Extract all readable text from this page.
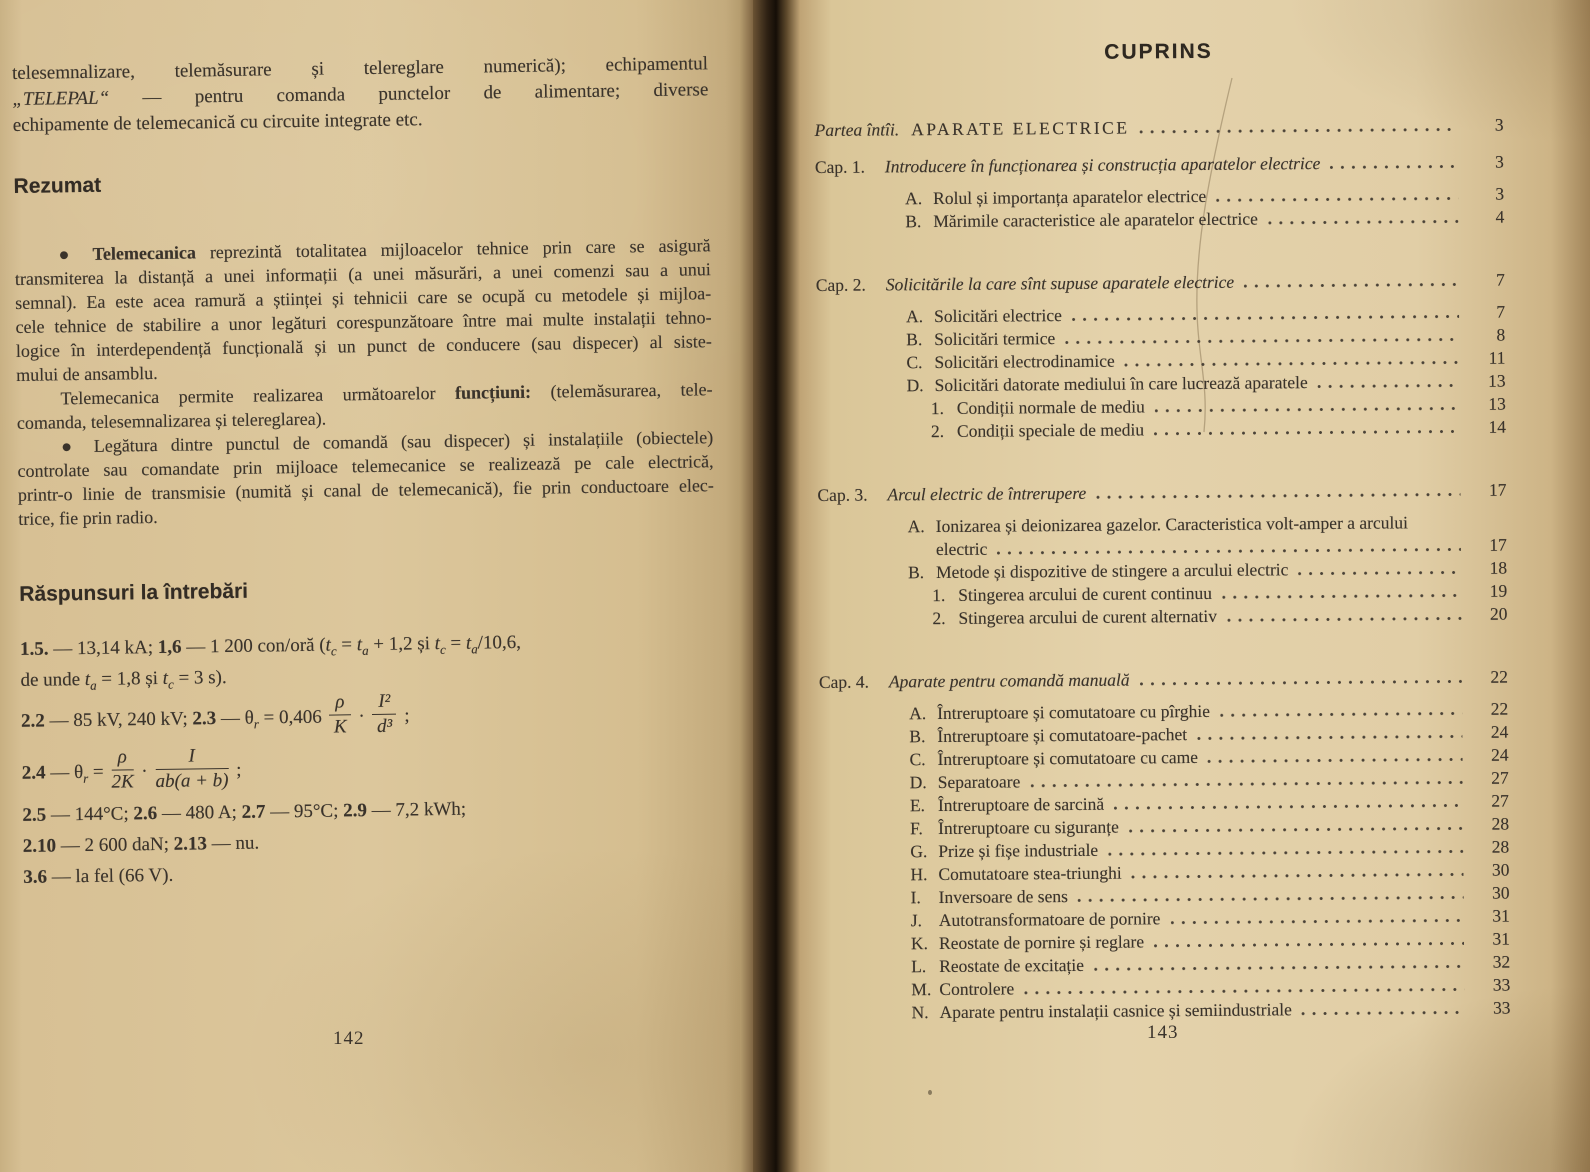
telesemnalizare, telemăsurare și telereglare numerică); echipamentul
„TELEPAL“ — pentru comanda punctelor de alimentare; diverse
echipamente de telemecanică cu circuite integrate etc.
Rezumat
● Telemecanica reprezintă totalitatea mijloacelor tehnice prin care se asigură
transmiterea la distanță a unei informații (a unei măsurări, a unei comenzi sau a unui
semnal). Ea este acea ramură a științei și tehnicii care se ocupă cu metodele și mijloa-
cele tehnice de stabilire a unor legături corespunzătoare între mai multe instalații tehno-
logice în interdependență funcțională și un punct de conducere (sau dispecer) al siste-
mului de ansamblu.
Telemecanica permite realizarea următoarelor funcțiuni: (telemăsurarea, tele-
comanda, telesemnalizarea și telereglarea).
● Legătura dintre punctul de comandă (sau dispecer) și instalațiile (obiectele)
controlate sau comandate prin mijloace telemecanice se realizează pe cale electrică,
printr-o linie de transmisie (numită și canal de telemecanică), fie prin conductoare elec-
trice, fie prin radio.
Răspunsuri la întrebări
1.5. — 13,14 kA; 1,6 — 1 200 con/oră ($t_c = t_a + 1,2$ și $t_c = t_a/10,6$,
de unde $t_a = 1,8$ și $t_c = 3$ s).
2.2 — 85 kV, 240 kV; 2.3 — $\theta_r = 0,406 \frac{\rho}{K} \cdot \frac{\text{I²}}{\text{d³}}$ ;
2.4 — $\theta_r = \frac{\rho}{2K} \cdot \frac{I}{ab(a + b)}$ ;
2.5 — 144°C; 2.6 — 480 A; 2.7 — 95°C; 2.9 — 7,2 kWh;
2.10 — 2 600 daN; 2.13 — nu.
3.6 — la fel (66 V).
142
CUPRINS
Partea întîi. APARATE ELECTRICE	3
Cap. 1.	Introducere în funcționarea și construcția aparatelor electrice	3
A. Rolul și importanța aparatelor electrice	3
B. Mărimile caracteristice ale aparatelor electrice	4
Cap. 2.	Solicitările la care sînt supuse aparatele electrice	7
A. Solicitări electrice	7
B. Solicitări termice	8
C. Solicitări electrodinamice	11
D. Solicitări datorate mediului în care lucrează aparatele	13
1. Condiții normale de mediu	13
2. Condiții speciale de mediu	14
Cap. 3.	Arcul electric de întrerupere	17
A. Ionizarea și deionizarea gazelor. Caracteristica volt-amper a arcului
electric	17
B. Metode și dispozitive de stingere a arcului electric	18
1. Stingerea arcului de curent continuu	19
2. Stingerea arcului de curent alternativ	20
Cap. 4.	Aparate pentru comandă manuală	22
A. Întreruptoare și comutatoare cu pîrghie	22
B. Întreruptoare și comutatoare-pachet	24
C. Întreruptoare și comutatoare cu came	24
D. Separatoare	27
E. Întreruptoare de sarcină	27
F. Întreruptoare cu siguranțe	28
G. Prize și fișe industriale	28
H. Comutatoare stea-triunghi	30
I.	Inversoare de sens	30
J. Autotransformatoare de pornire	31
K. Reostate de pornire și reglare	31
L. Reostate de excitație	32
M. Controlere	33
N. Aparate pentru instalații casnice și semiindustriale	33
143
